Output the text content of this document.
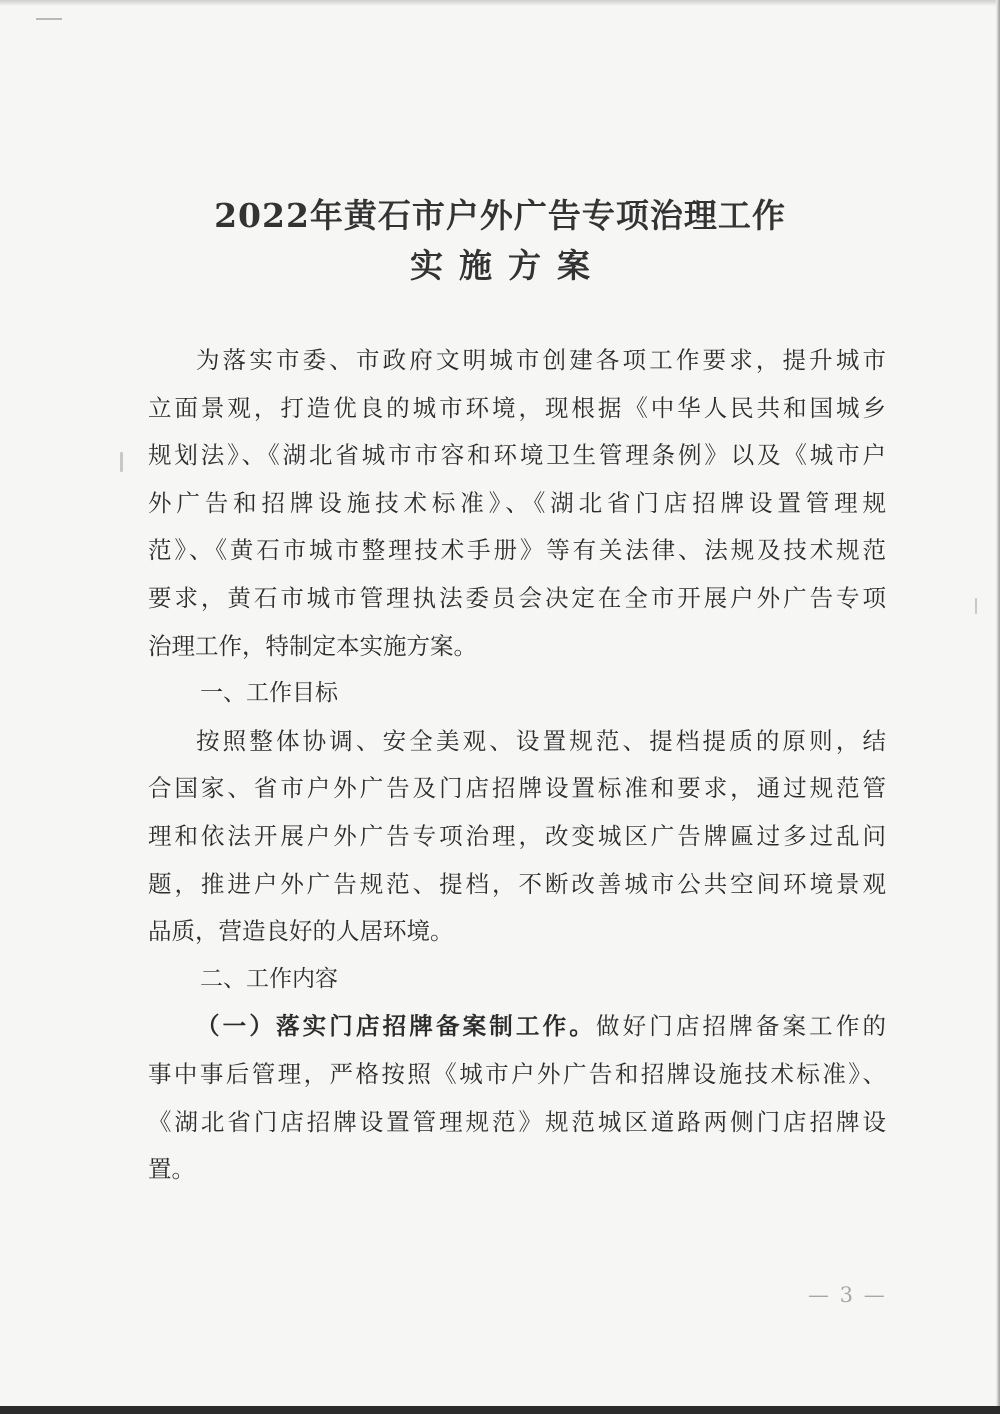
2022年黄石市户外广告专项治理工作
实施方案
为落实市委、市政府文明城市创建各项工作要求，提升城市
立面景观，打造优良的城市环境，现根据《中华人民共和国城乡
规划法》、《湖北省城市市容和环境卫生管理条例》以及《城市户
外广告和招牌设施技术标准》、《湖北省门店招牌设置管理规
范》、《黄石市城市整理技术手册》等有关法律、法规及技术规范
要求，黄石市城市管理执法委员会决定在全市开展户外广告专项
治理工作，特制定本实施方案。
一、工作目标
按照整体协调、安全美观、设置规范、提档提质的原则，结
合国家、省市户外广告及门店招牌设置标准和要求，通过规范管
理和依法开展户外广告专项治理，改变城区广告牌匾过多过乱问
题，推进户外广告规范、提档，不断改善城市公共空间环境景观
品质，营造良好的人居环境。
二、工作内容
（一）落实门店招牌备案制工作。做好门店招牌备案工作的
事中事后管理，严格按照《城市户外广告和招牌设施技术标准》、
《湖北省门店招牌设置管理规范》规范城区道路两侧门店招牌设
置。
— 3 —
